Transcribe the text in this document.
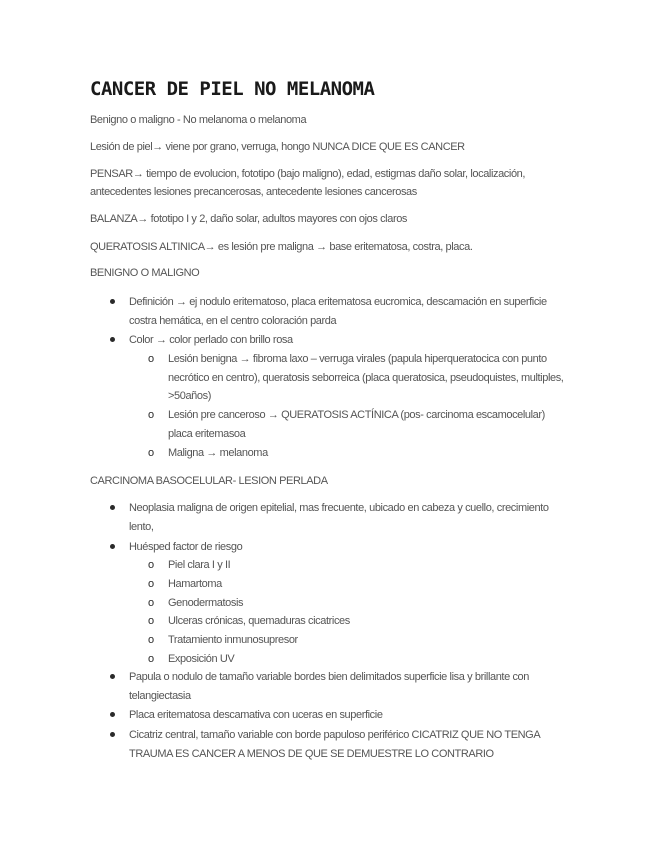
CANCER DE PIEL NO MELANOMA

Benigno o maligno - No melanoma o melanoma

Lesión de piel→ viene por grano, verruga, hongo NUNCA DICE QUE ES CANCER

PENSAR→ tiempo de evolucion, fototipo (bajo maligno), edad, estigmas daño solar, localización, antecedentes lesiones precancerosas, antecedente lesiones cancerosas

BALANZA→ fototipo I y 2, daño solar, adultos mayores con ojos claros

QUERATOSIS ALTINICA→ es lesión pre maligna → base eritematosa, costra, placa.

BENIGNO O MALIGNO

Definición → ej nodulo eritematoso, placa eritematosa eucromica, descamación en superficie costra hemática, en el centro coloración parda

Color → color perlado con brillo rosa

o Lesión benigna → fibroma laxo – verruga virales (papula hiperqueratocica con punto necrótico en centro), queratosis seborreica (placa queratosica, pseudoquistes, multiples, >50años)

o Lesión pre canceroso → QUERATOSIS ACTÍNICA (pos- carcinoma escamocelular) placa eritemasoa

o Maligna → melanoma

CARCINOMA BASOCELULAR- LESION PERLADA

Neoplasia maligna de origen epitelial, mas frecuente, ubicado en cabeza y cuello, crecimiento lento,

Huésped factor de riesgo

o Piel clara I y II

o Hamartoma

o Genodermatosis

o Ulceras crónicas, quemaduras cicatrices

o Tratamiento inmunosupresor

o Exposición UV

Papula o nodulo de tamaño variable bordes bien delimitados superficie lisa y brillante con telangiectasia

Placa eritematosa descamativa con uceras en superficie

Cicatriz central, tamaño variable con borde papuloso periférico CICATRIZ QUE NO TENGA TRAUMA ES CANCER A MENOS DE QUE SE DEMUESTRE LO CONTRARIO
